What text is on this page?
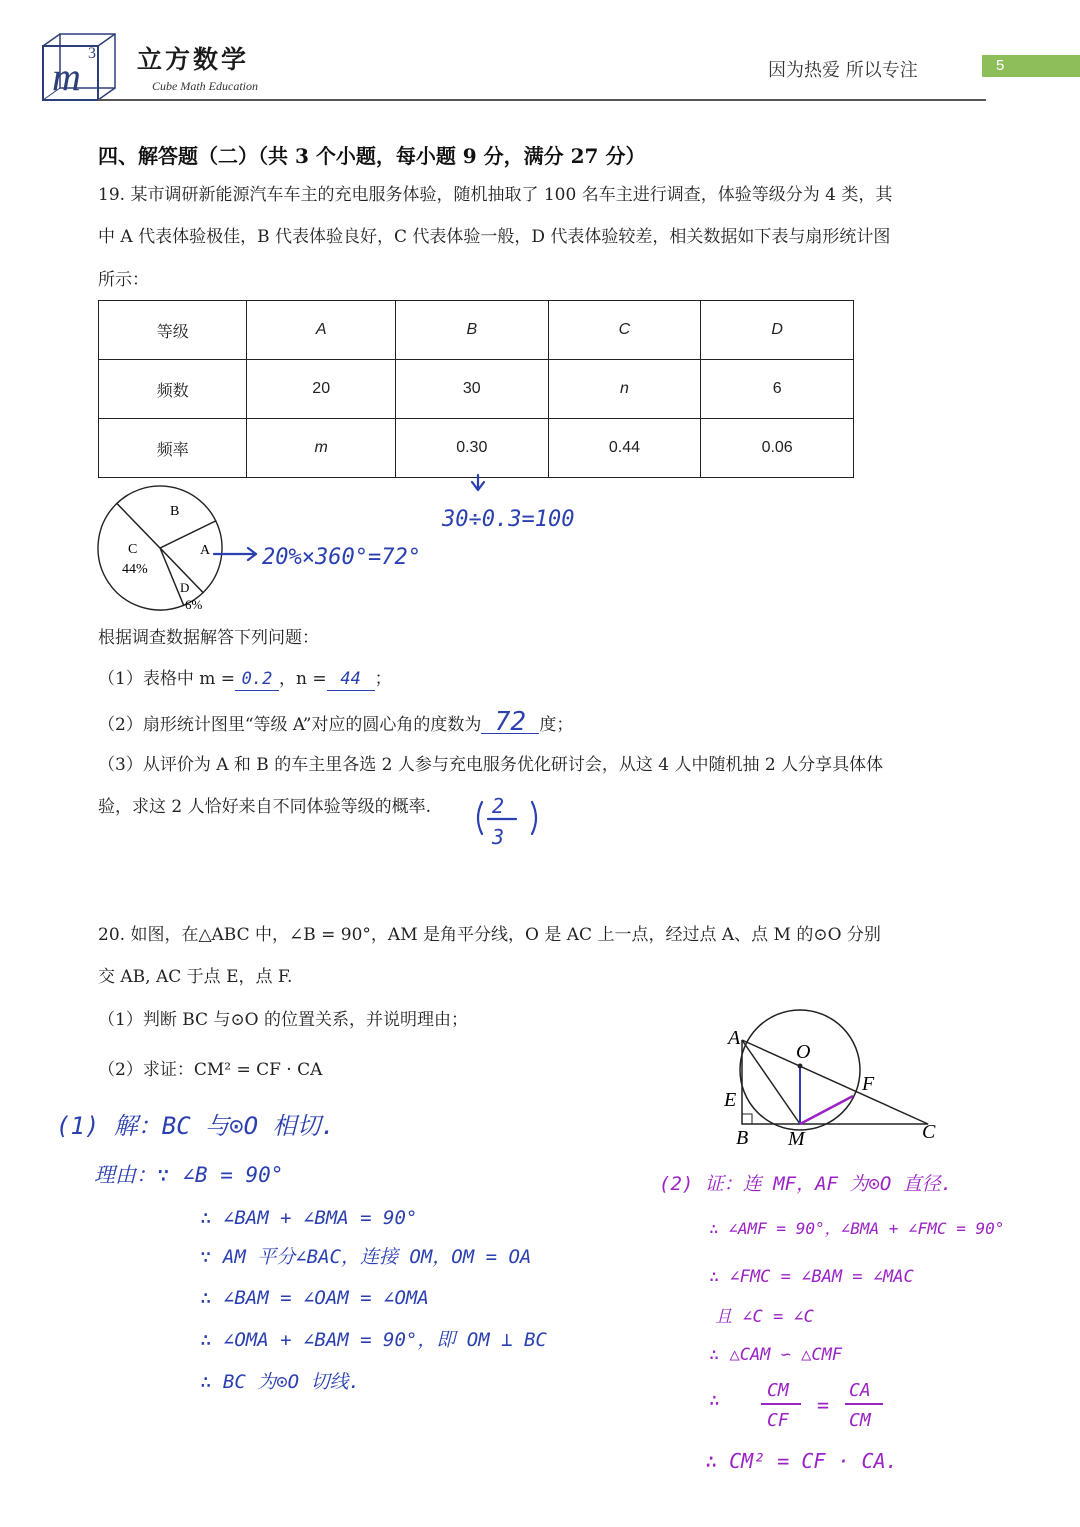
m
3 立方数学
Cube Math Education
因为热爱 所以专注	5
四、解答题（二）（共 3 个小题，每小题 9 分，满分 27 分）
19. 某市调研新能源汽车车主的充电服务体验，随机抽取了 100 名车主进行调查，体验等级分为 4 类，其
中 A 代表体验极佳，B 代表体验良好，C 代表体验一般，D 代表体验较差，相关数据如下表与扇形统计图
所示：
等级	A	B	C	D
频数	20	30	n	6
频率	m	0.30	0.44	0.06
B
A
C
44%
D
6%
30÷0.3=100
20%×360°=72°
根据调查数据解答下列问题：
（1）表格中 m = 0.2 ，n = 44 ；
（2）扇形统计图里“等级 A”对应的圆心角的度数为 72 度；
（3）从评价为 A 和 B 的车主里各选 2 人参与充电服务优化研讨会，从这 4 人中随机抽 2 人分享具体体
验，求这 2 人恰好来自不同体验等级的概率.	2
3
20. 如图，在△ABC 中，∠B = 90°，AM 是角平分线，O 是 AC 上一点，经过点 A、点 M 的⊙O 分别
交 AB, AC 于点 E，点 F.
（1）判断 BC 与⊙O 的位置关系，并说明理由；
（2）求证：CM² = CF · CA
A
O
E
F
B M	C
(1) 解：BC 与⊙O 相切.
理由：∵ ∠B = 90°
∴ ∠BAM + ∠BMA = 90°
∵ AM 平分∠BAC，连接 OM，OM = OA
∴ ∠BAM = ∠OAM = ∠OMA
∴ ∠OMA + ∠BAM = 90°，即 OM ⊥ BC
∴ BC 为⊙O 切线.
(2) 证：连 MF，AF 为⊙O 直径.
∴ ∠AMF = 90°，∠BMA + ∠FMC = 90°
∴ ∠FMC = ∠BAM = ∠MAC
且 ∠C = ∠C
∴ △CAM ∽ △CMF
∴	CM
CF
=
CA
CM
∴ CM² = CF · CA.
